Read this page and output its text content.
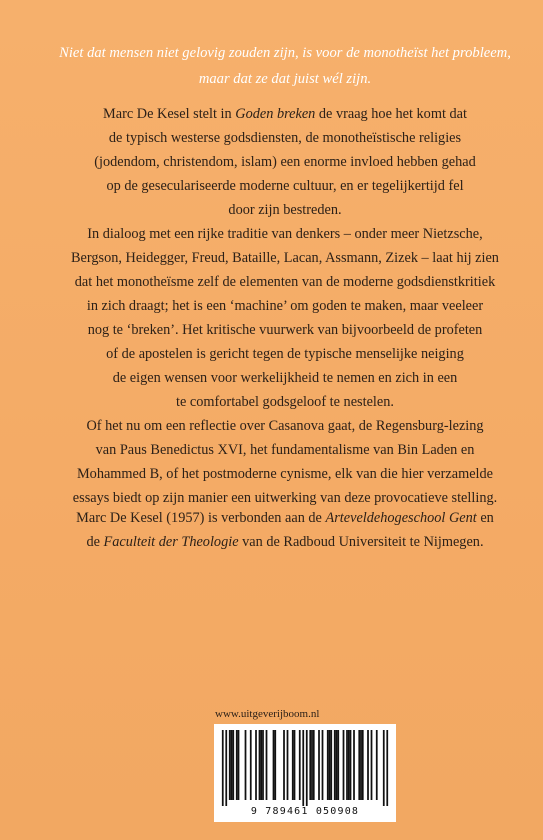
Niet dat mensen niet gelovig zouden zijn, is voor de monotheïst het probleem,
maar dat ze dat juist wél zijn.
Marc De Kesel stelt in Goden breken de vraag hoe het komt dat
de typisch westerse godsdiensten, de monotheïstische religies
(jodendom, christendom, islam) een enorme invloed hebben gehad
op de geseculariseerde moderne cultuur, en er tegelijkertijd fel
door zijn bestreden.
In dialoog met een rijke traditie van denkers – onder meer Nietzsche,
Bergson, Heidegger, Freud, Bataille, Lacan, Assmann, Zizek – laat hij zien
dat het monotheïsme zelf de elementen van de moderne godsdienstkritiek
in zich draagt; het is een ‘machine’ om goden te maken, maar veeleer
nog te ‘breken’. Het kritische vuurwerk van bijvoorbeeld de profeten
of de apostelen is gericht tegen de typische menselijke neiging
de eigen wensen voor werkelijkheid te nemen en zich in een
te comfortabel godsgeloof te nestelen.
Of het nu om een reflectie over Casanova gaat, de Regensburg-lezing
van Paus Benedictus XVI, het fundamentalisme van Bin Laden en
Mohammed B, of het postmoderne cynisme, elk van die hier verzamelde
essays biedt op zijn manier een uitwerking van deze provocatieve stelling.
Marc De Kesel (1957) is verbonden aan de Arteveldehogeschool Gent en
de Faculteit der Theologie van de Radboud Universiteit te Nijmegen.
www.uitgeverijboom.nl
9 789461 050908
